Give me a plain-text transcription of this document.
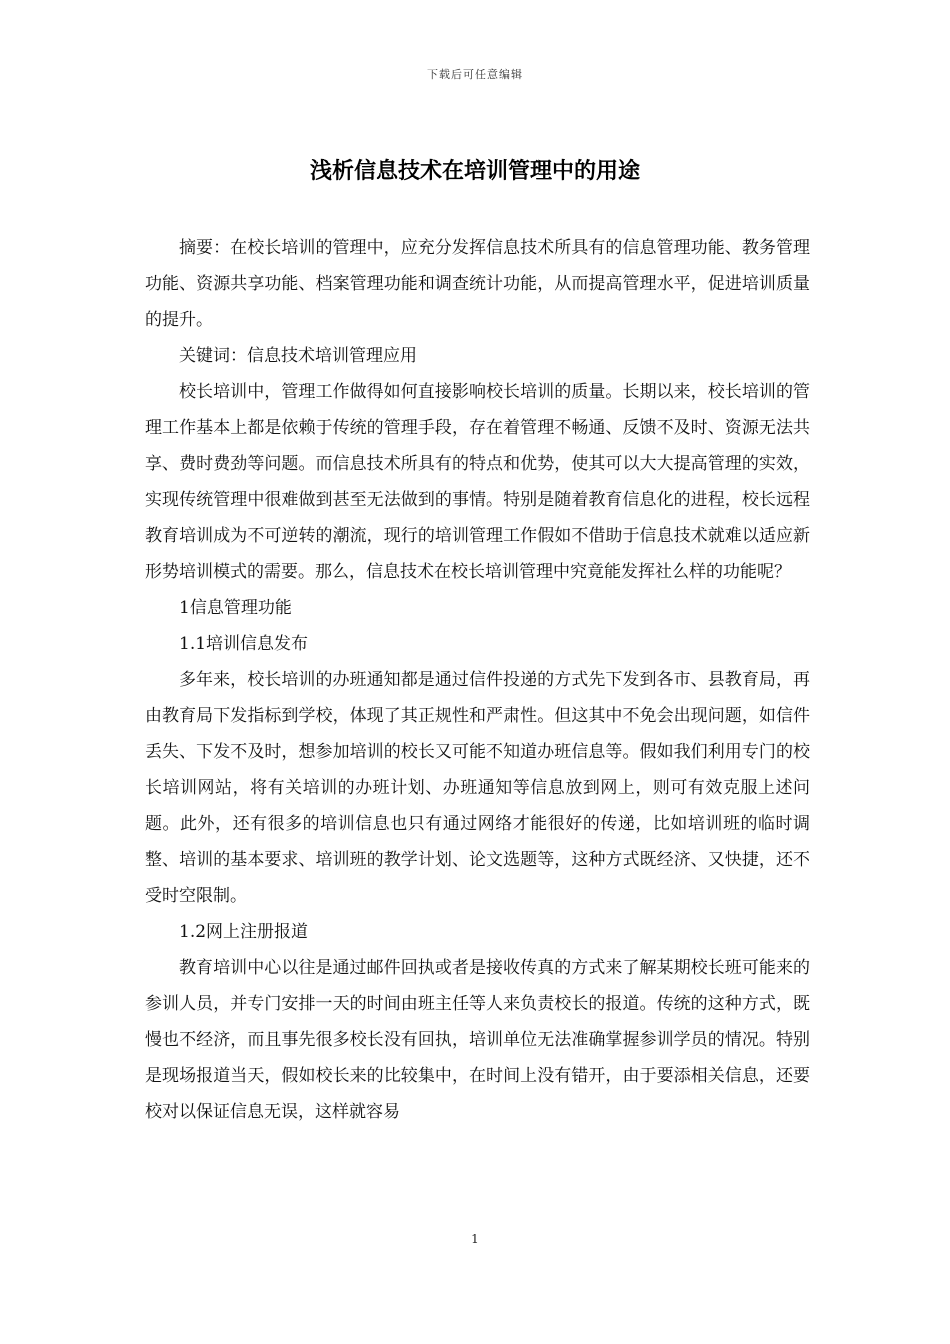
下载后可任意编辑
浅析信息技术在培训管理中的用途

摘要：在校长培训的管理中，应充分发挥信息技术所具有的信息管理功能、教务管理功能、资源共享功能、档案管理功能和调查统计功能，从而提高管理水平，促进培训质量的提升。

关键词：信息技术培训管理应用

校长培训中，管理工作做得如何直接影响校长培训的质量。长期以来，校长培训的管理工作基本上都是依赖于传统的管理手段，存在着管理不畅通、反馈不及时、资源无法共享、费时费劲等问题。而信息技术所具有的特点和优势，使其可以大大提高管理的实效，实现传统管理中很难做到甚至无法做到的事情。特别是随着教育信息化的进程，校长远程教育培训成为不可逆转的潮流，现行的培训管理工作假如不借助于信息技术就难以适应新形势培训模式的需要。那么，信息技术在校长培训管理中究竟能发挥社么样的功能呢？

1信息管理功能

1.1培训信息发布

多年来，校长培训的办班通知都是通过信件投递的方式先下发到各市、县教育局，再由教育局下发指标到学校，体现了其正规性和严肃性。但这其中不免会出现问题，如信件丢失、下发不及时，想参加培训的校长又可能不知道办班信息等。假如我们利用专门的校长培训网站，将有关培训的办班计划、办班通知等信息放到网上，则可有效克服上述问题。此外，还有很多的培训信息也只有通过网络才能很好的传递，比如培训班的临时调整、培训的基本要求、培训班的教学计划、论文选题等，这种方式既经济、又快捷，还不受时空限制。

1.2网上注册报道

教育培训中心以往是通过邮件回执或者是接收传真的方式来了解某期校长班可能来的参训人员，并专门安排一天的时间由班主任等人来负责校长的报道。传统的这种方式，既慢也不经济，而且事先很多校长没有回执，培训单位无法准确掌握参训学员的情况。特别是现场报道当天，假如校长来的比较集中，在时间上没有错开，由于要添相关信息，还要校对以保证信息无误，这样就容易

1
